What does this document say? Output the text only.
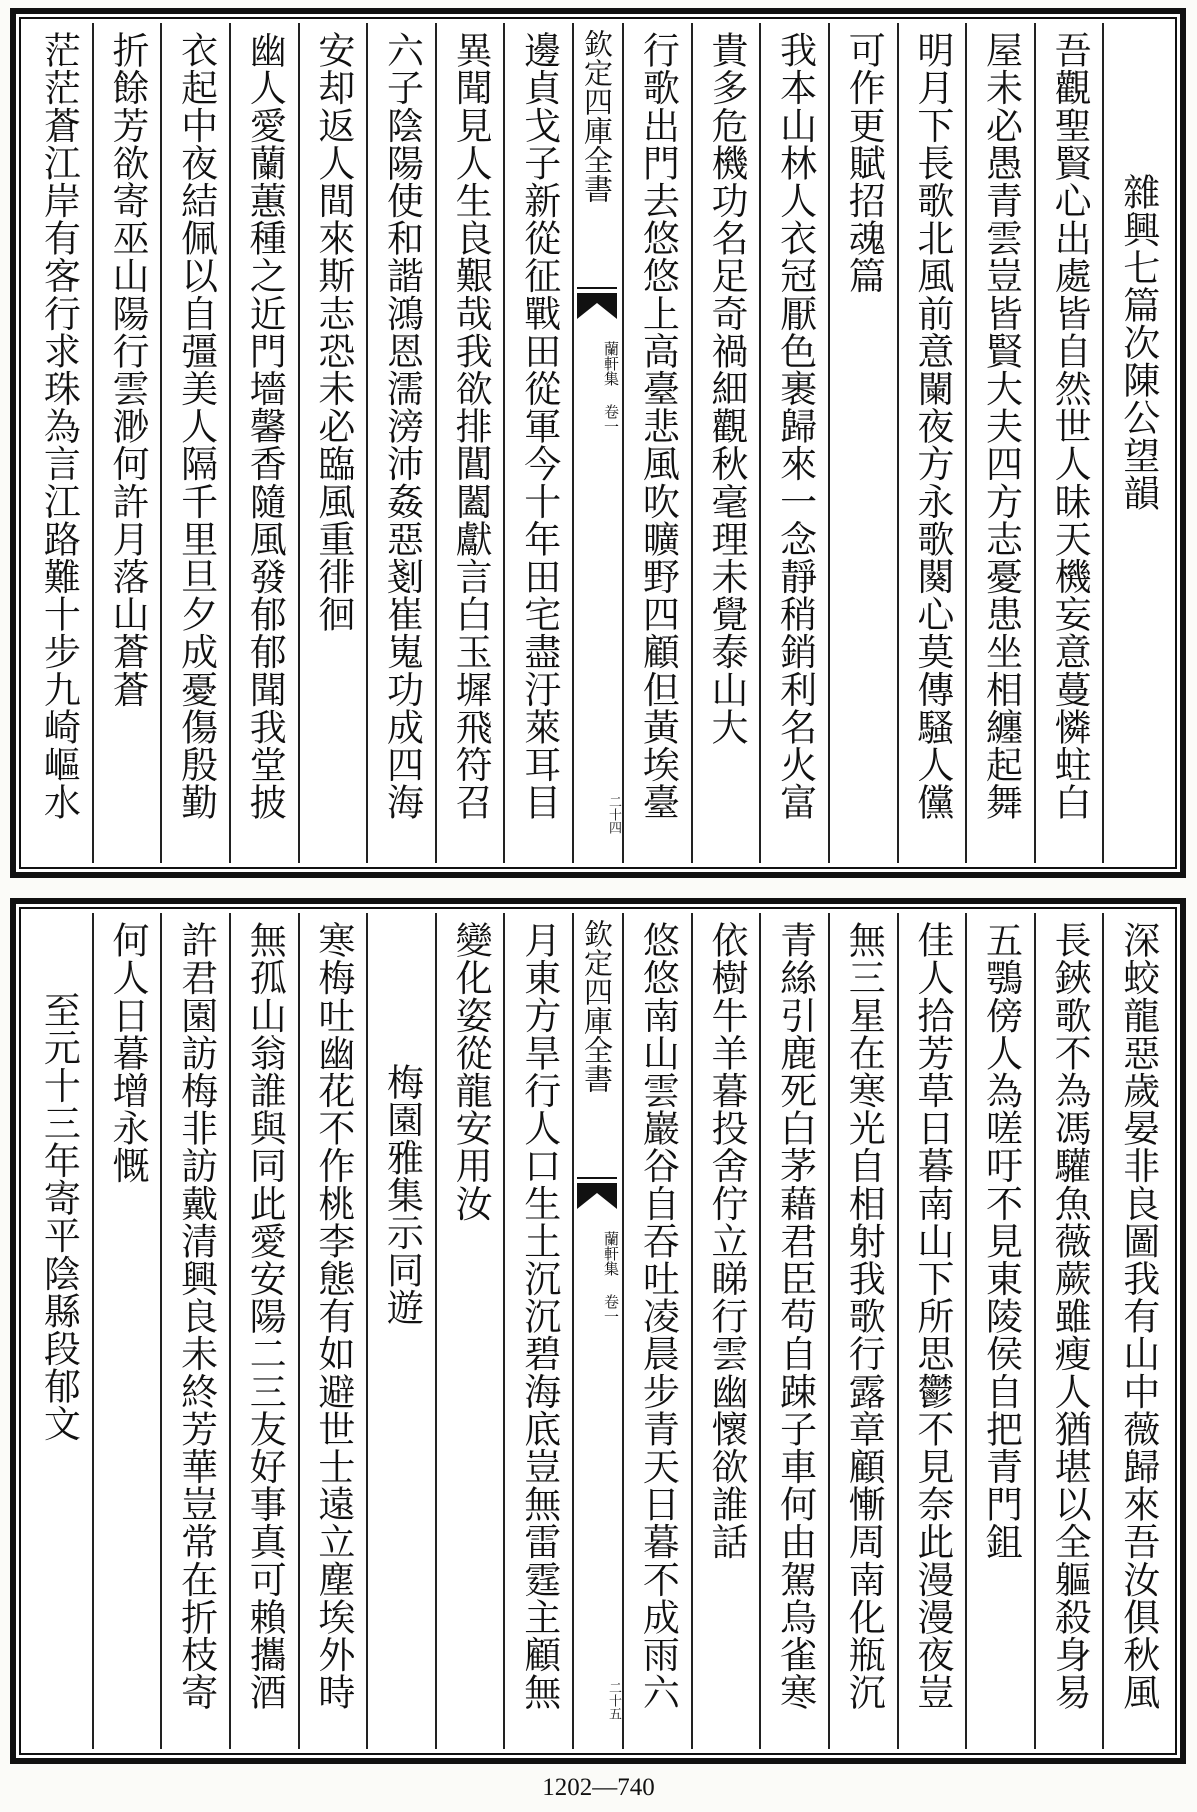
雜興七篇次陳公望韻
吾觀聖賢心出處皆自然世人昧天機妄意蔓憐蛀白
屋未必愚青雲豈皆賢大夫四方志憂患坐相纏起舞
明月下長歌北風前意闌夜方永歌闋心莫傳騷人儻
可作更賦招魂篇
我本山林人衣冠厭色裹歸來一念靜稍銷利名火富
貴多危機功名足奇禍細觀秋毫理未覺泰山大
行歌出門去悠悠上高臺悲風吹曠野四顧但黃埃臺
欽定四庫全書
蘭軒集 卷一
二十四
邊貞戈子新從征戰田從軍今十年田宅盡汙萊耳目
異聞見人生良艱哉我欲排閶闔獻言白玉墀飛符召
六子陰陽使和諧鴻恩濡滂沛姦惡剗崔嵬功成四海
安却返人間來斯志恐未必臨風重徘徊
幽人愛蘭蕙種之近門墻馨香隨風發郁郁聞我堂披
衣起中夜結佩以自彊美人隔千里旦夕成憂傷殷勤
折餘芳欲寄巫山陽行雲渺何許月落山蒼蒼
茫茫蒼江岸有客行求珠為言江路難十步九崎嶇水
深蛟龍惡歲晏非良圖我有山中薇歸來吾汝俱秋風
長鋏歌不為馮驩魚薇蕨雖瘦人猶堪以全軀殺身易
五鶚傍人為嗟吁不見東陵侯自把青門鉏
佳人拾芳草日暮南山下所思鬱不見奈此漫漫夜豈
無三星在寒光自相射我歌行露章顧慚周南化瓶沉
青絲引鹿死白茅藉君臣苟自踈子車何由駕烏雀寒
依樹牛羊暮投舍佇立睇行雲幽懷欲誰話
悠悠南山雲巖谷自吞吐凌晨步青天日暮不成雨六
欽定四庫全書
蘭軒集 卷一
二十五
月東方旱行人口生土沉沉碧海底豈無雷霆主顧無
變化姿從龍安用汝
梅園雅集示同遊
寒梅吐幽花不作桃李態有如避世士遠立塵埃外時
無孤山翁誰與同此愛安陽二三友好事真可賴攜酒
許君園訪梅非訪戴清興良未終芳華豈常在折枝寄
何人日暮增永慨
至元十三年寄平陰縣段郁文
1202—740
